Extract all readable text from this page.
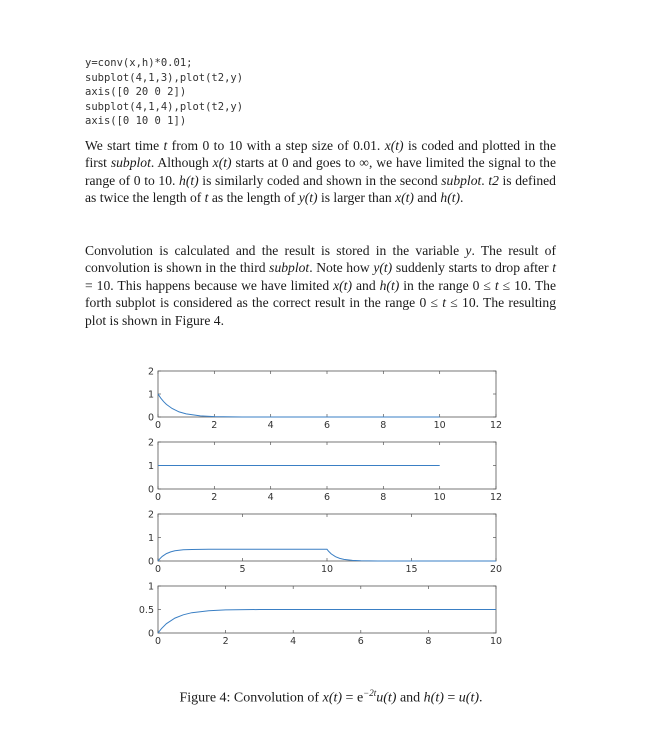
y=conv(x,h)*0.01;
subplot(4,1,3),plot(t2,y)
axis([0 20 0 2])
subplot(4,1,4),plot(t2,y)
axis([0 10 0 1])
We start time t from 0 to 10 with a step size of 0.01. x(t) is coded and plotted in the first subplot. Although x(t) starts at 0 and goes to ∞, we have limited the signal to the range of 0 to 10. h(t) is similarly coded and shown in the second subplot. t2 is defined as twice the length of t as the length of y(t) is larger than x(t) and h(t).
Convolution is calculated and the result is stored in the variable y. The result of convolution is shown in the third subplot. Note how y(t) suddenly starts to drop after t = 10. This happens because we have limited x(t) and h(t) in the range 0 ≤ t ≤ 10. The forth subplot is considered as the correct result in the range 0 ≤ t ≤ 10. The resulting plot is shown in Figure 4.
0	2	4	6	8	10	12
0
1
2
0	2	4	6	8	10	12
0
1
2
0	5	10	15	20
0
1
2
0	2	4	6	8	10
0
0.5
1
Figure 4: Convolution of $x(t) = e^{-2t}u(t)$ and h(t) = u(t).
